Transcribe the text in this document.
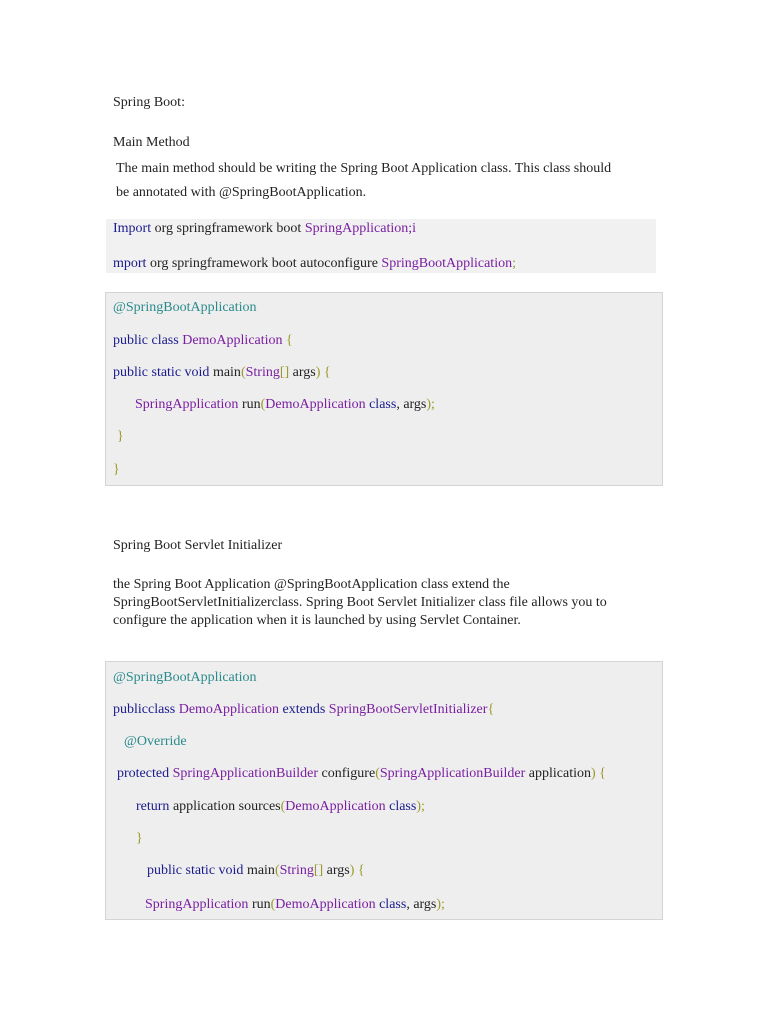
Spring Boot:
Main Method
The main method should be writing the Spring Boot Application class. This class should
be annotated with @SpringBootApplication.
Import org springframework boot SpringApplication;i
mport org springframework boot autoconfigure SpringBootApplication;
@SpringBootApplication
public class DemoApplication {
public static void main(String[] args) {
SpringApplication run(DemoApplication class, args);
}
}
Spring Boot Servlet Initializer
the Spring Boot Application @SpringBootApplication class extend the
SpringBootServletInitializerclass. Spring Boot Servlet Initializer class file allows you to
configure the application when it is launched by using Servlet Container.
@SpringBootApplication
publicclass DemoApplication extends SpringBootServletInitializer{
@Override
protected SpringApplicationBuilder configure(SpringApplicationBuilder application) {
return application sources(DemoApplication class);
}
public static void main(String[] args) {
SpringApplication run(DemoApplication class, args);
